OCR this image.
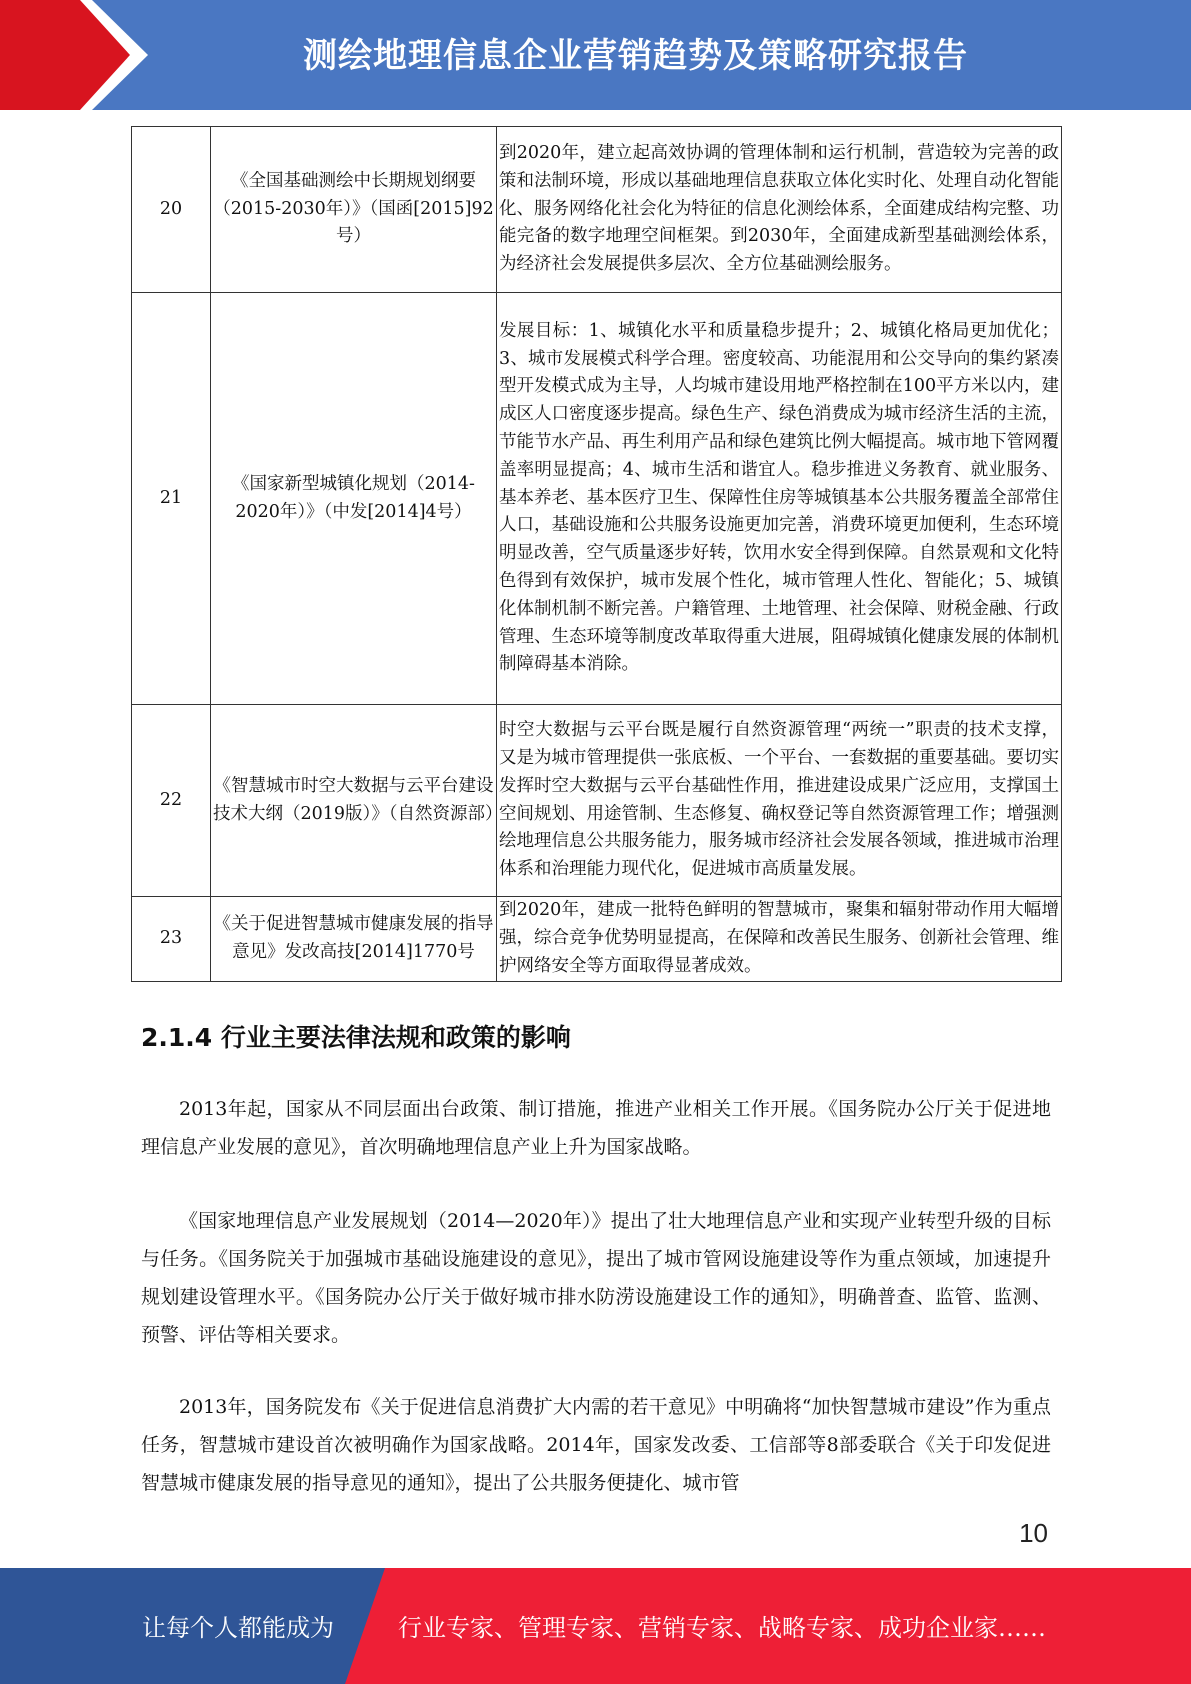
测绘地理信息企业营销趋势及策略研究报告
20	《全国基础测绘中长期规划纲要（2015-2030年）》（国函[2015]92号）	到2020年，建立起高效协调的管理体制和运行机制，营造较为完善的政策和法制环境，形成以基础地理信息获取立体化实时化、处理自动化智能化、服务网络化社会化为特征的信息化测绘体系，全面建成结构完整、功能完备的数字地理空间框架。到2030年，全面建成新型基础测绘体系，为经济社会发展提供多层次、全方位基础测绘服务。
21	《国家新型城镇化规划（2014-2020年）》（中发[2014]4号）	发展目标：1、城镇化水平和质量稳步提升；2、城镇化格局更加优化；3、城市发展模式科学合理。密度较高、功能混用和公交导向的集约紧凑型开发模式成为主导，人均城市建设用地严格控制在100平方米以内，建成区人口密度逐步提高。绿色生产、绿色消费成为城市经济生活的主流，节能节水产品、再生利用产品和绿色建筑比例大幅提高。城市地下管网覆盖率明显提高；4、城市生活和谐宜人。稳步推进义务教育、就业服务、基本养老、基本医疗卫生、保障性住房等城镇基本公共服务覆盖全部常住人口，基础设施和公共服务设施更加完善，消费环境更加便利，生态环境明显改善，空气质量逐步好转，饮用水安全得到保障。自然景观和文化特色得到有效保护，城市发展个性化，城市管理人性化、智能化；5、城镇化体制机制不断完善。户籍管理、土地管理、社会保障、财税金融、行政管理、生态环境等制度改革取得重大进展，阻碍城镇化健康发展的体制机制障碍基本消除。
22	《智慧城市时空大数据与云平台建设技术大纲（2019版）》（自然资源部）	时空大数据与云平台既是履行自然资源管理“两统一”职责的技术支撑，又是为城市管理提供一张底板、一个平台、一套数据的重要基础。要切实发挥时空大数据与云平台基础性作用，推进建设成果广泛应用，支撑国土空间规划、用途管制、生态修复、确权登记等自然资源管理工作；增强测绘地理信息公共服务能力，服务城市经济社会发展各领域，推进城市治理体系和治理能力现代化，促进城市高质量发展。
23	《关于促进智慧城市健康发展的指导意见》发改高技[2014]1770号	到2020年，建成一批特色鲜明的智慧城市，聚集和辐射带动作用大幅增强，综合竞争优势明显提高，在保障和改善民生服务、创新社会管理、维护网络安全等方面取得显著成效。
2.1.4 行业主要法律法规和政策的影响

2013年起，国家从不同层面出台政策、制订措施，推进产业相关工作开展。《国务院办公厅关于促进地理信息产业发展的意见》，首次明确地理信息产业上升为国家战略。

《国家地理信息产业发展规划（2014—2020年）》提出了壮大地理信息产业和实现产业转型升级的目标与任务。《国务院关于加强城市基础设施建设的意见》，提出了城市管网设施建设等作为重点领域，加速提升规划建设管理水平。《国务院办公厅关于做好城市排水防涝设施建设工作的通知》，明确普查、监管、监测、预警、评估等相关要求。

2013年，国务院发布《关于促进信息消费扩大内需的若干意见》中明确将“加快智慧城市建设”作为重点任务，智慧城市建设首次被明确作为国家战略。2014年，国家发改委、工信部等8部委联合《关于印发促进智慧城市健康发展的指导意见的通知》，提出了公共服务便捷化、城市管

10
让每个人都能成为	行业专家、管理专家、营销专家、战略专家、成功企业家……
